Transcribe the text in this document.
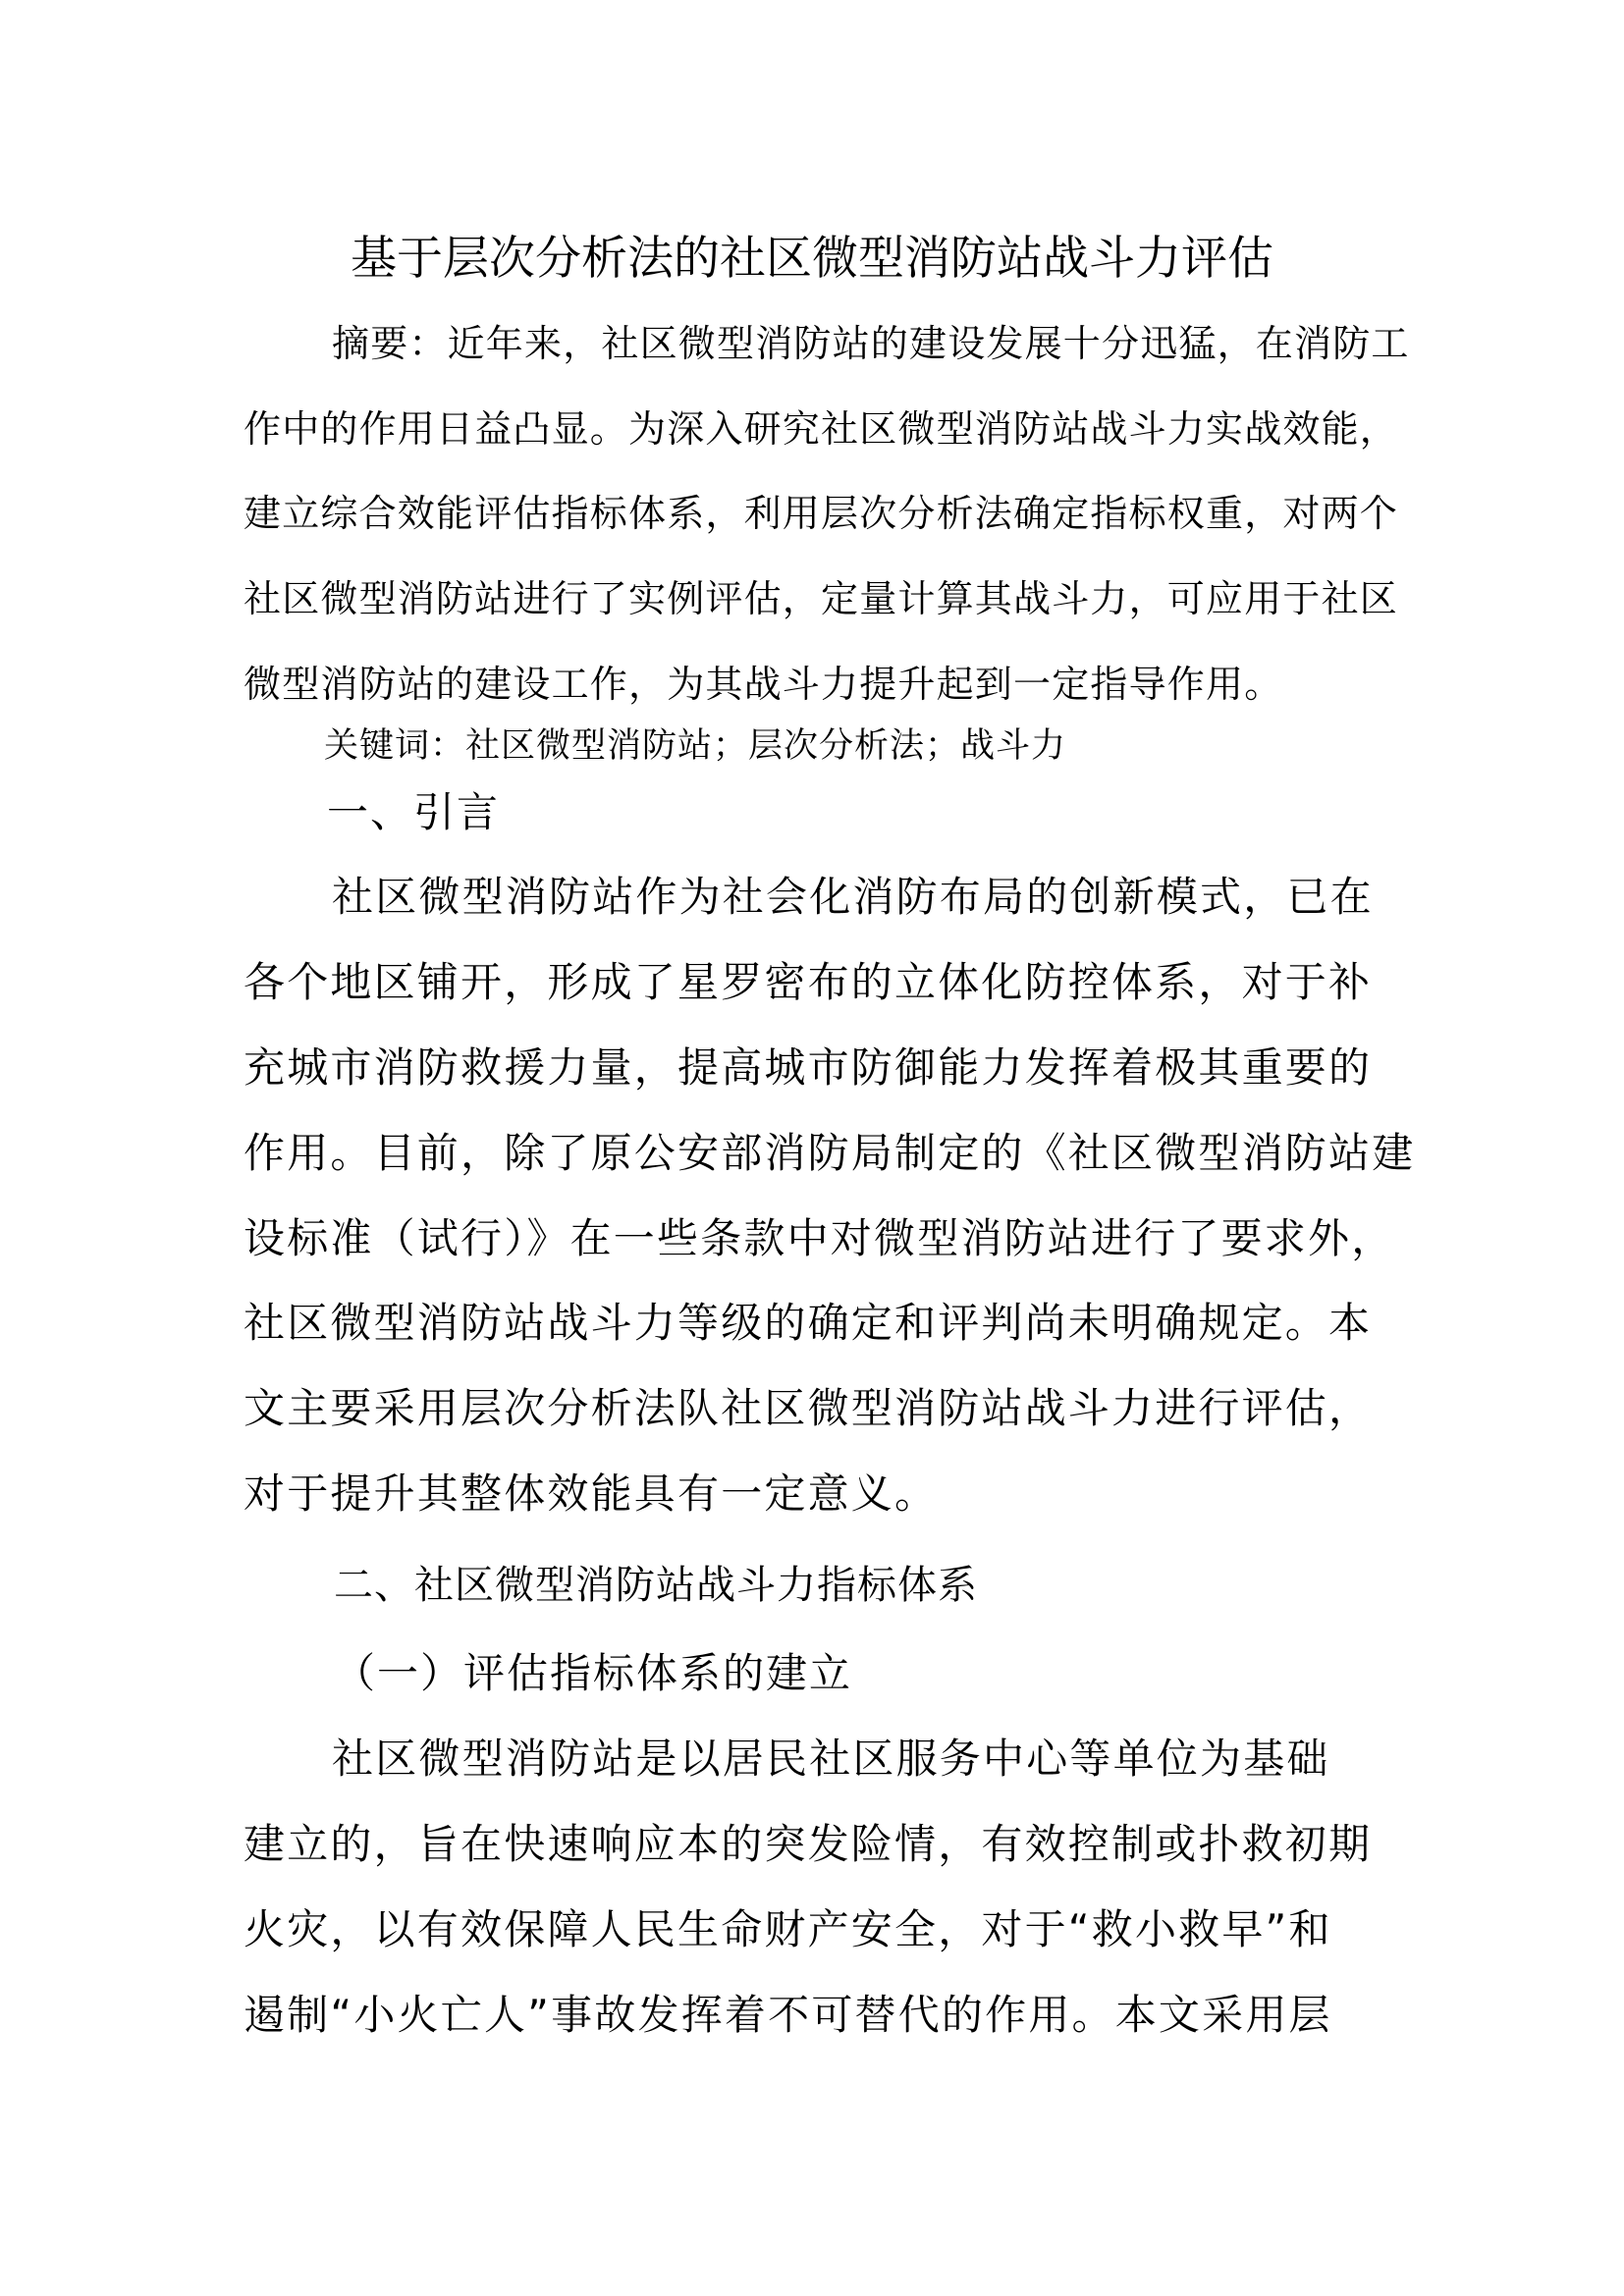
基于层次分析法的社区微型消防站战斗力评估
摘要：近年来，社区微型消防站的建设发展十分迅猛，在消防工
作中的作用日益凸显。为深入研究社区微型消防站战斗力实战效能，
建立综合效能评估指标体系，利用层次分析法确定指标权重，对两个
社区微型消防站进行了实例评估，定量计算其战斗力，可应用于社区
微型消防站的建设工作，为其战斗力提升起到一定指导作用。
关键词：社区微型消防站；层次分析法；战斗力
一、引言
社区微型消防站作为社会化消防布局的创新模式，已在
各个地区铺开，形成了星罗密布的立体化防控体系，对于补
充城市消防救援力量，提高城市防御能力发挥着极其重要的
作用。目前，除了原公安部消防局制定的《社区微型消防站建
设标准（试行）》在一些条款中对微型消防站进行了要求外，
社区微型消防站战斗力等级的确定和评判尚未明确规定。本
文主要采用层次分析法队社区微型消防站战斗力进行评估，
对于提升其整体效能具有一定意义。
二、社区微型消防站战斗力指标体系
（一）评估指标体系的建立
社区微型消防站是以居民社区服务中心等单位为基础
建立的，旨在快速响应本的突发险情，有效控制或扑救初期
火灾，以有效保障人民生命财产安全，对于“救小救早”和
遏制“小火亡人”事故发挥着不可替代的作用。本文采用层
